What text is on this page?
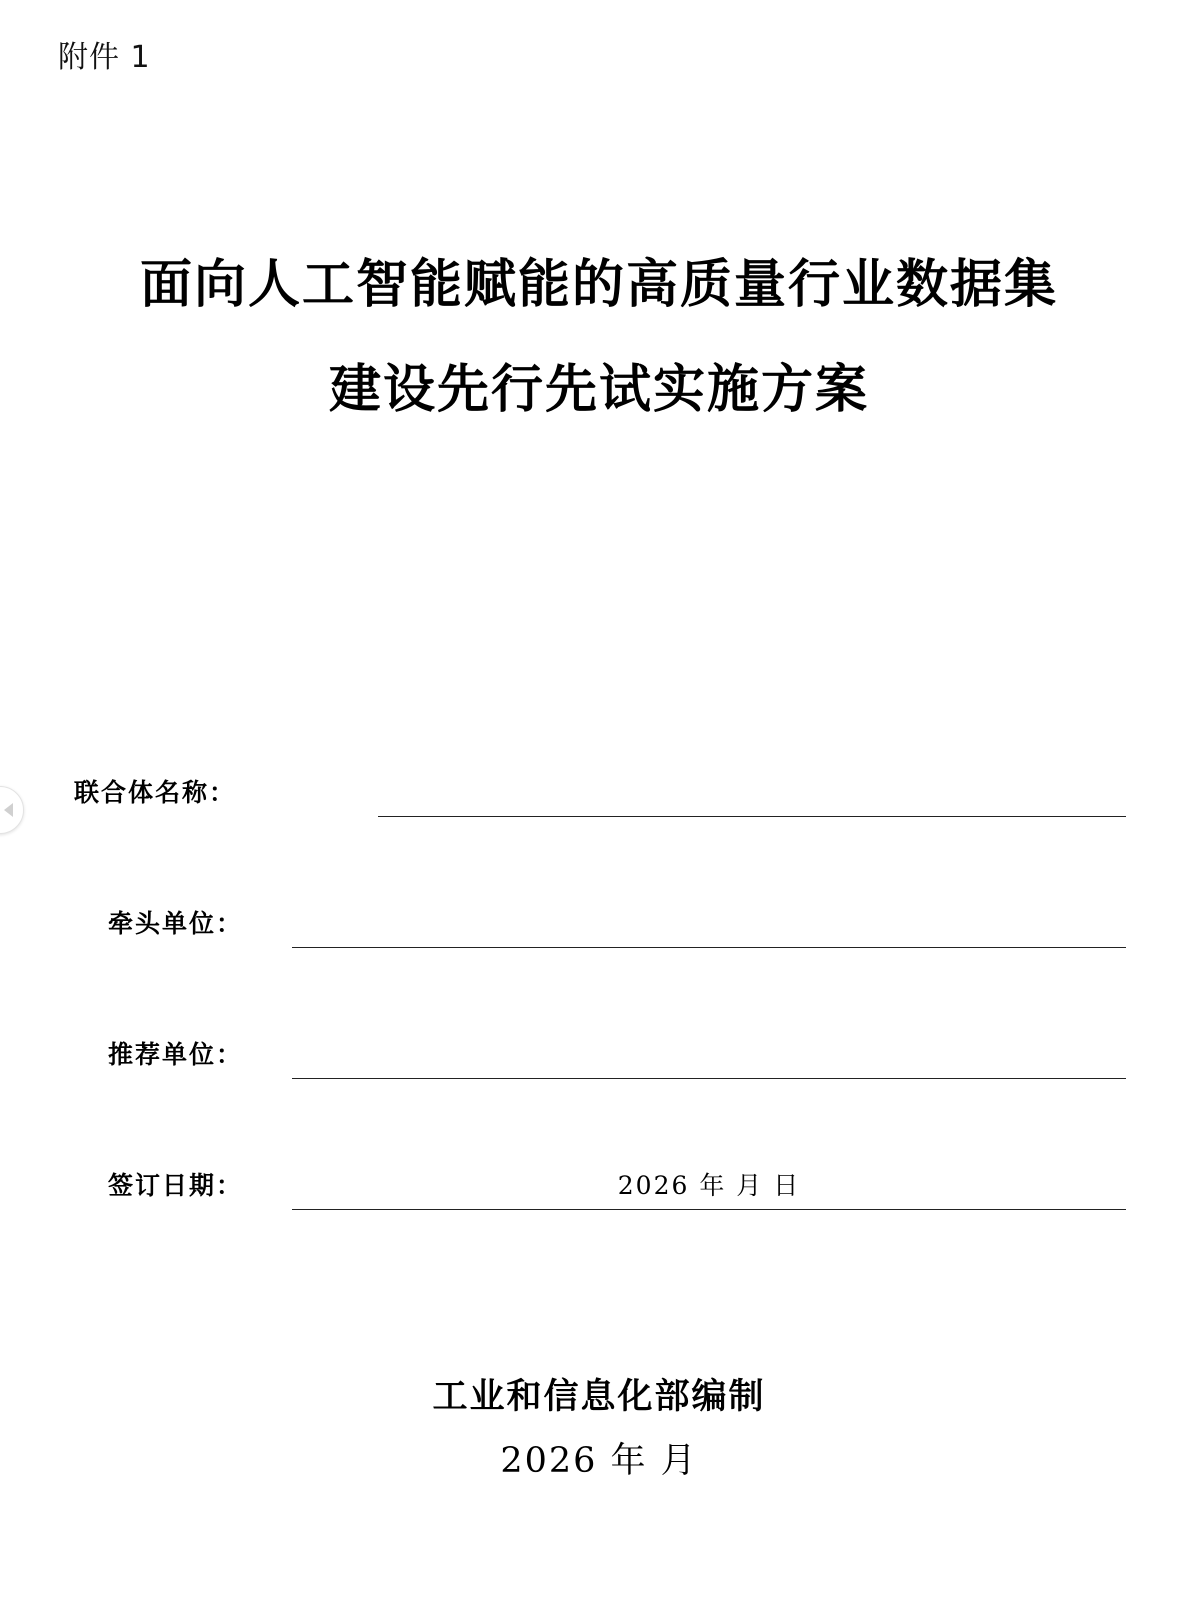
附件 1
面向人工智能赋能的高质量行业数据集
建设先行先试实施方案
联合体名称：
牵头单位：
推荐单位：
签订日期：	2026 年 月 日
工业和信息化部编制
2026 年 月
